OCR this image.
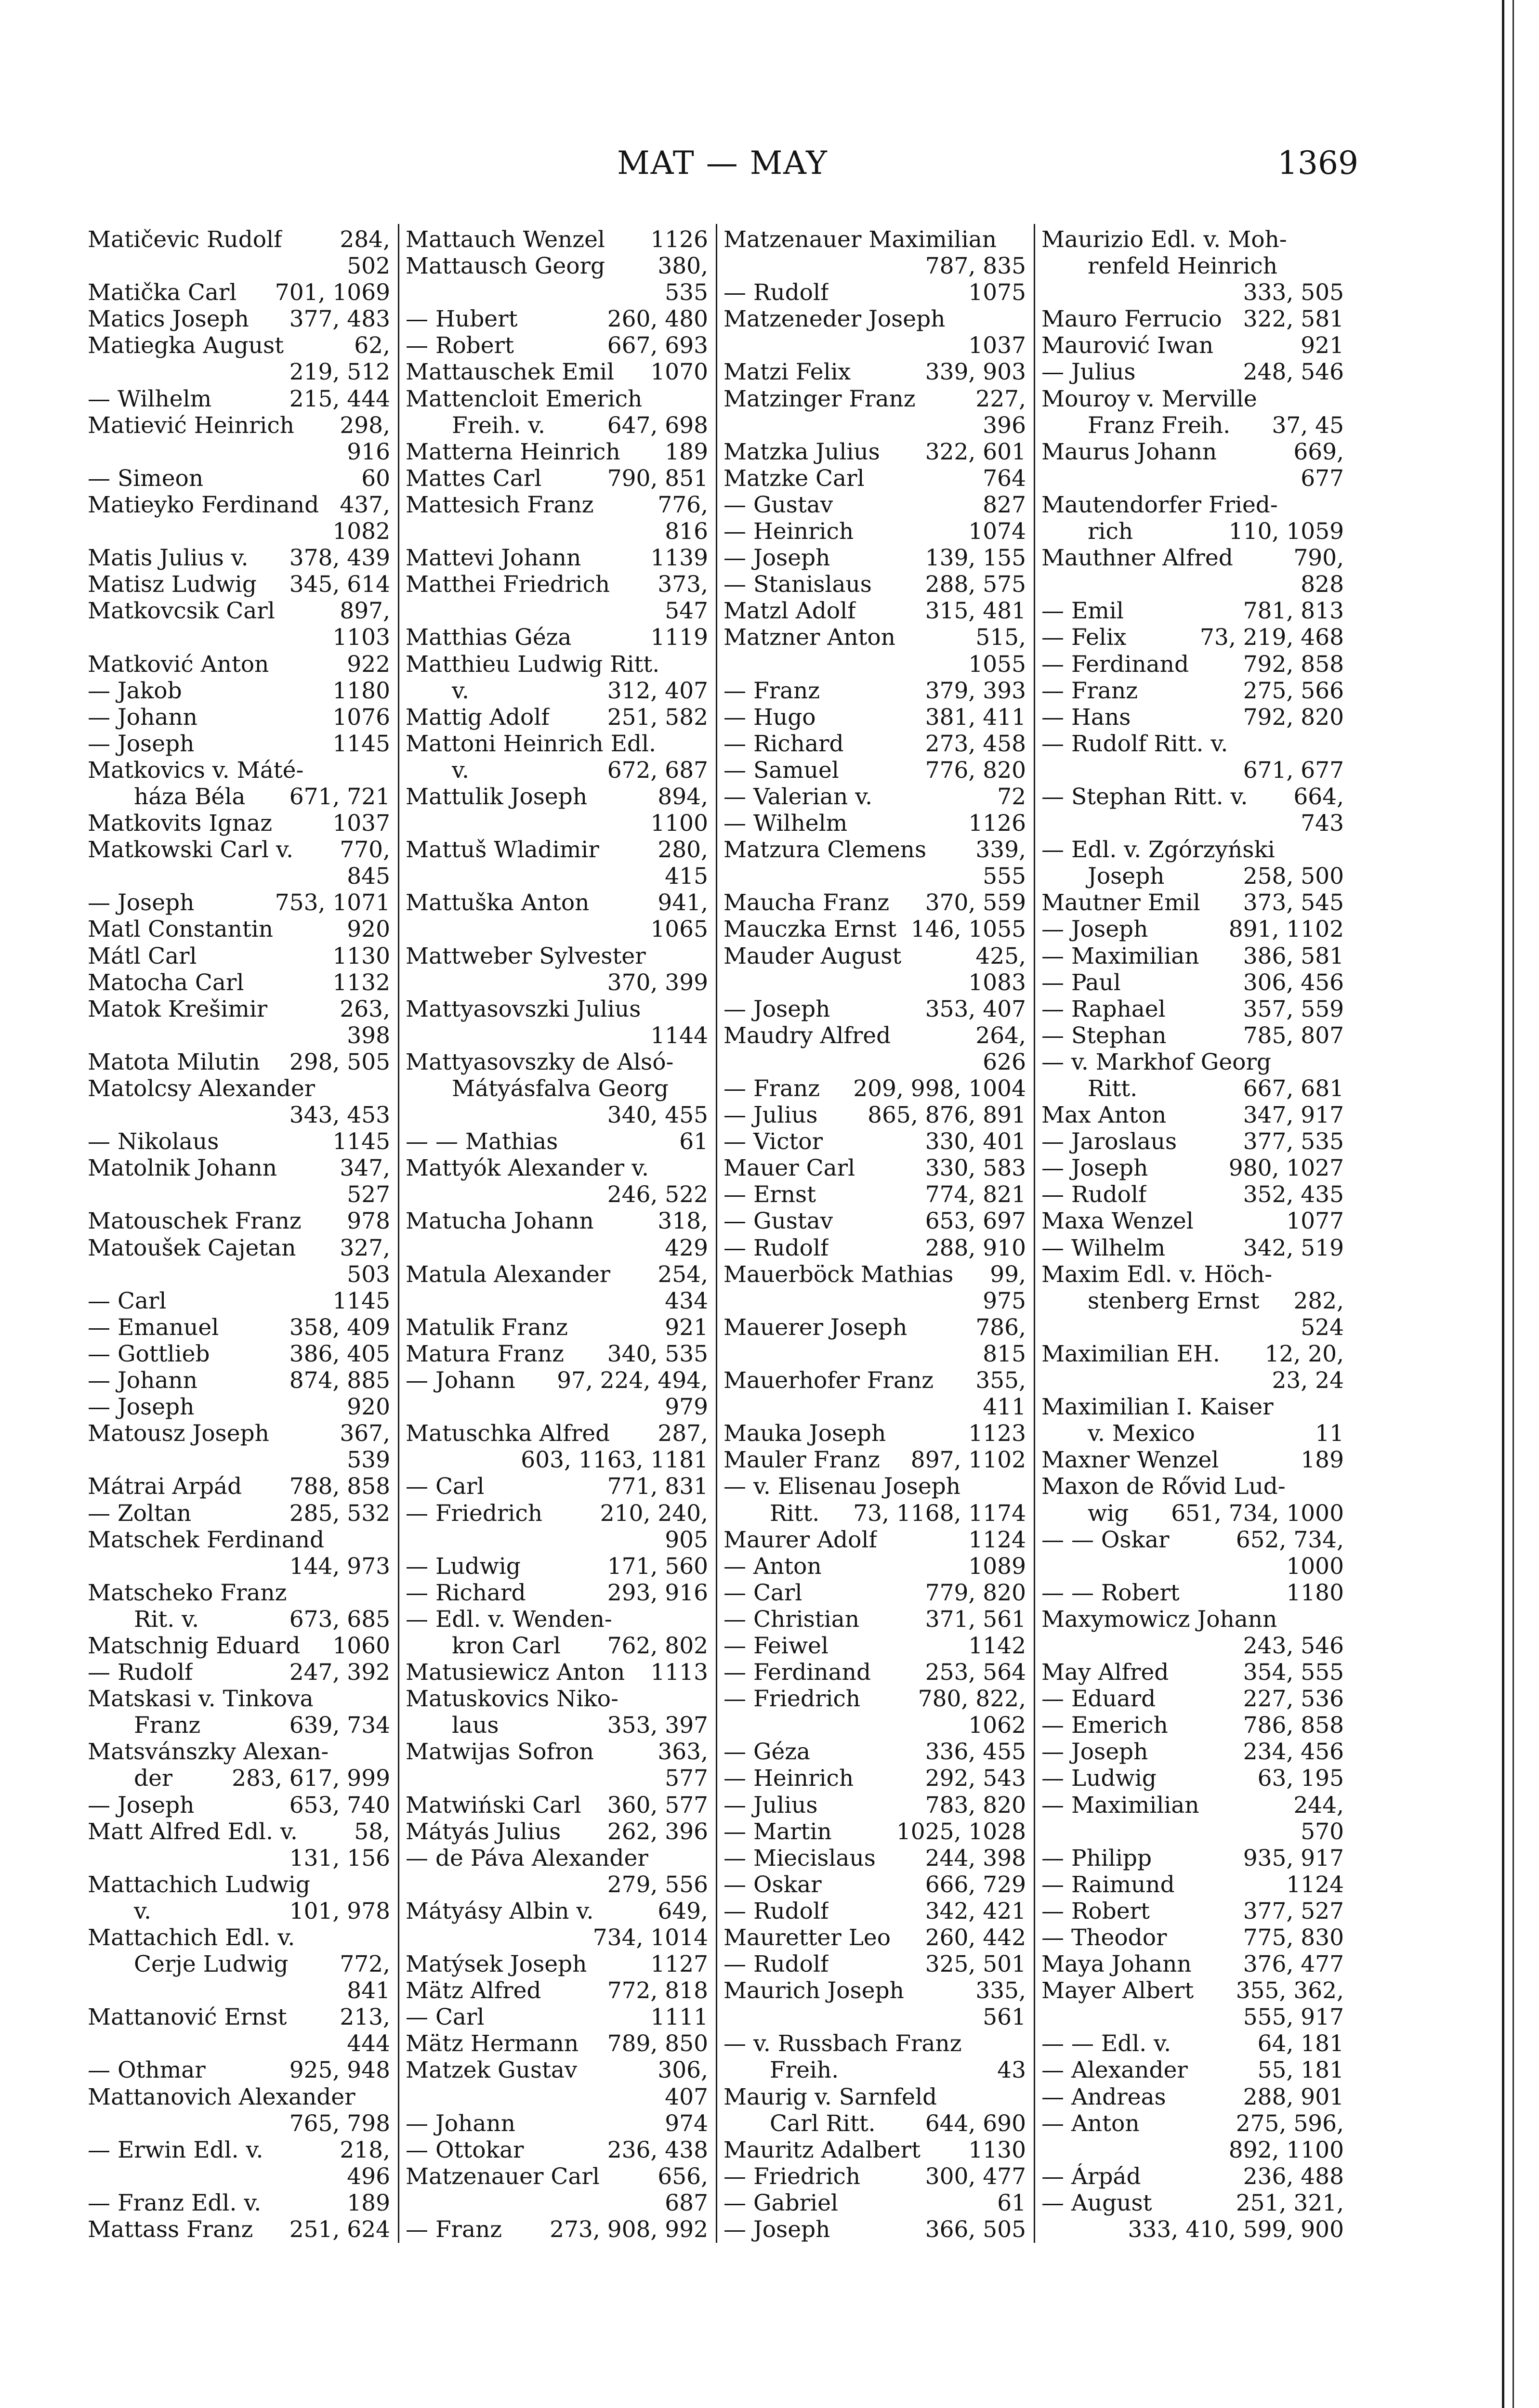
MAT — MAY	1369
Matičevic Rudolf	284,
502
Matička Carl 701, 1069
Matics Joseph 377, 483
Matiegka August	62,
219, 512
— Wilhelm	215, 444
Matiević Heinrich 298,
916
— Simeon	60
Matieyko Ferdinand 437,
1082
Matis Julius v. 378, 439
Matisz Ludwig 345, 614
Matkovcsik Carl	897,
1103
Matković Anton	922
— Jakob	1180
— Johann	1076
— Joseph	1145
Matkovics v. Máté-
háza Béla 671, 721
Matkovits Ignaz	1037
Matkowski Carl v. 770,
845
— Joseph	753, 1071
Matl Constantin	920
Mátl Carl	1130
Matocha Carl	1132
Matok Krešimir	263,
398
Matota Milutin 298, 505
Matolcsy Alexander
343, 453
— Nikolaus	1145
Matolnik Johann	347,
527
Matouschek Franz 978
Matoušek Cajetan 327,
503
— Carl	1145
— Emanuel	358, 409
— Gottlieb	386, 405
— Johann	874, 885
— Joseph	920
Matousz Joseph	367,
539
Mátrai Arpád 788, 858
— Zoltan	285, 532
Matschek Ferdinand
144, 973
Matscheko Franz
Rit. v.	673, 685
Matschnig Eduard 1060
— Rudolf	247, 392
Matskasi v. Tinkova
Franz	639, 734
Matsvánszky Alexan-
der	283, 617, 999
— Joseph	653, 740
Matt Alfred Edl. v. 58,
131, 156
Mattachich Ludwig
v.	101, 978
Mattachich Edl. v.
Cerje Ludwig 772,
841
Mattanović Ernst 213,
444
— Othmar	925, 948
Mattanovich Alexander
765, 798
— Erwin Edl. v.	218,
496
— Franz Edl. v.	189
Mattass Franz 251, 624
Mattauch Wenzel 1126
Mattausch Georg 380,
535
— Hubert	260, 480
— Robert	667, 693
Mattauschek Emil 1070
Mattencloit Emerich
Freih. v.	647, 698
Matterna Heinrich 189
Mattes Carl	790, 851
Mattesich Franz	776,
816
Mattevi Johann	1139
Matthei Friedrich 373,
547
Matthias Géza	1119
Matthieu Ludwig Ritt.
v.	312, 407
Mattig Adolf	251, 582
Mattoni Heinrich Edl.
v.	672, 687
Mattulik Joseph	894,
1100
Mattuš Wladimir	280,
415
Mattuška Anton	941,
1065
Mattweber Sylvester
370, 399
Mattyasovszki Julius
1144
Mattyasovszky de Alsó-
Mátyásfalva Georg
340, 455
— — Mathias	61
Mattyók Alexander v.
246, 522
Matucha Johann	318,
429
Matula Alexander 254,
434
Matulik Franz	921
Matura Franz 340, 535
— Johann 97, 224, 494,
979
Matuschka Alfred 287,
603, 1163, 1181
— Carl	771, 831
— Friedrich	210, 240,
905
— Ludwig	171, 560
— Richard	293, 916
— Edl. v. Wenden-
kron Carl 762, 802
Matusiewicz Anton 1113
Matuskovics Niko-
laus	353, 397
Matwijas Sofron	363,
577
Matwiński Carl 360, 577
Mátyás Julius 262, 396
— de Páva Alexander
279, 556
Mátyásy Albin v.	649,
734, 1014
Matýsek Joseph	1127
Mätz Alfred	772, 818
— Carl	1111
Mätz Hermann 789, 850
Matzek Gustav	306,
407
— Johann	974
— Ottokar	236, 438
Matzenauer Carl	656,
687
— Franz 273, 908, 992
Matzenauer Maximilian
787, 835
— Rudolf	1075
Matzeneder Joseph
1037
Matzi Felix	339, 903
Matzinger Franz	227,
396
Matzka Julius 322, 601
Matzke Carl	764
— Gustav	827
— Heinrich	1074
— Joseph	139, 155
— Stanislaus 288, 575
Matzl Adolf	315, 481
Matzner Anton	515,
1055
— Franz	379, 393
— Hugo	381, 411
— Richard	273, 458
— Samuel	776, 820
— Valerian v.	72
— Wilhelm	1126
Matzura Clemens 339,
555
Maucha Franz 370, 559
Mauczka Ernst 146, 1055
Mauder August	425,
1083
— Joseph	353, 407
Maudry Alfred	264,
626
— Franz 209, 998, 1004
— Julius 865, 876, 891
— Victor	330, 401
Mauer Carl	330, 583
— Ernst	774, 821
— Gustav	653, 697
— Rudolf	288, 910
Mauerböck Mathias 99,
975
Mauerer Joseph	786,
815
Mauerhofer Franz 355,
411
Mauka Joseph	1123
Mauler Franz 897, 1102
— v. Elisenau Joseph
Ritt. 73, 1168, 1174
Maurer Adolf	1124
— Anton	1089
— Carl	779, 820
— Christian	371, 561
— Feiwel	1142
— Ferdinand 253, 564
— Friedrich	780, 822,
1062
— Géza	336, 455
— Heinrich	292, 543
— Julius	783, 820
— Martin	1025, 1028
— Miecislaus 244, 398
— Oskar	666, 729
— Rudolf	342, 421
Mauretter Leo 260, 442
— Rudolf	325, 501
Maurich Joseph	335,
561
— v. Russbach Franz
Freih.	43
Maurig v. Sarnfeld
Carl Ritt. 644, 690
Mauritz Adalbert 1130
— Friedrich	300, 477
— Gabriel	61
— Joseph	366, 505
Maurizio Edl. v. Moh-
renfeld Heinrich
333, 505
Mauro Ferrucio 322, 581
Maurović Iwan	921
— Julius	248, 546
Mouroy v. Merville
Franz Freih. 37, 45
Maurus Johann	669,
677
Mautendorfer Fried-
rich	110, 1059
Mauthner Alfred	790,
828
— Emil	781, 813
— Felix	73, 219, 468
— Ferdinand 792, 858
— Franz	275, 566
— Hans	792, 820
— Rudolf Ritt. v.
671, 677
— Stephan Ritt. v. 664,
743
— Edl. v. Zgórzyński
Joseph	258, 500
Mautner Emil 373, 545
— Joseph	891, 1102
— Maximilian 386, 581
— Paul	306, 456
— Raphael	357, 559
— Stephan	785, 807
— v. Markhof Georg
Ritt.	667, 681
Max Anton	347, 917
— Jaroslaus	377, 535
— Joseph	980, 1027
— Rudolf	352, 435
Maxa Wenzel	1077
— Wilhelm	342, 519
Maxim Edl. v. Höch-
stenberg Ernst 282,
524
Maximilian EH. 12, 20,
23, 24
Maximilian I. Kaiser
v. Mexico	11
Maxner Wenzel	189
Maxon de Rővid Lud-
wig 651, 734, 1000
— — Oskar	652, 734,
1000
— — Robert	1180
Maxymowicz Johann
243, 546
May Alfred	354, 555
— Eduard	227, 536
— Emerich	786, 858
— Joseph	234, 456
— Ludwig	63, 195
— Maximilian	244,
570
— Philipp	935, 917
— Raimund	1124
— Robert	377, 527
— Theodor	775, 830
Maya Johann 376, 477
Mayer Albert 355, 362,
555, 917
— — Edl. v.	64, 181
— Alexander	55, 181
— Andreas	288, 901
— Anton	275, 596,
892, 1100
— Árpád	236, 488
— August	251, 321,
333, 410, 599, 900
